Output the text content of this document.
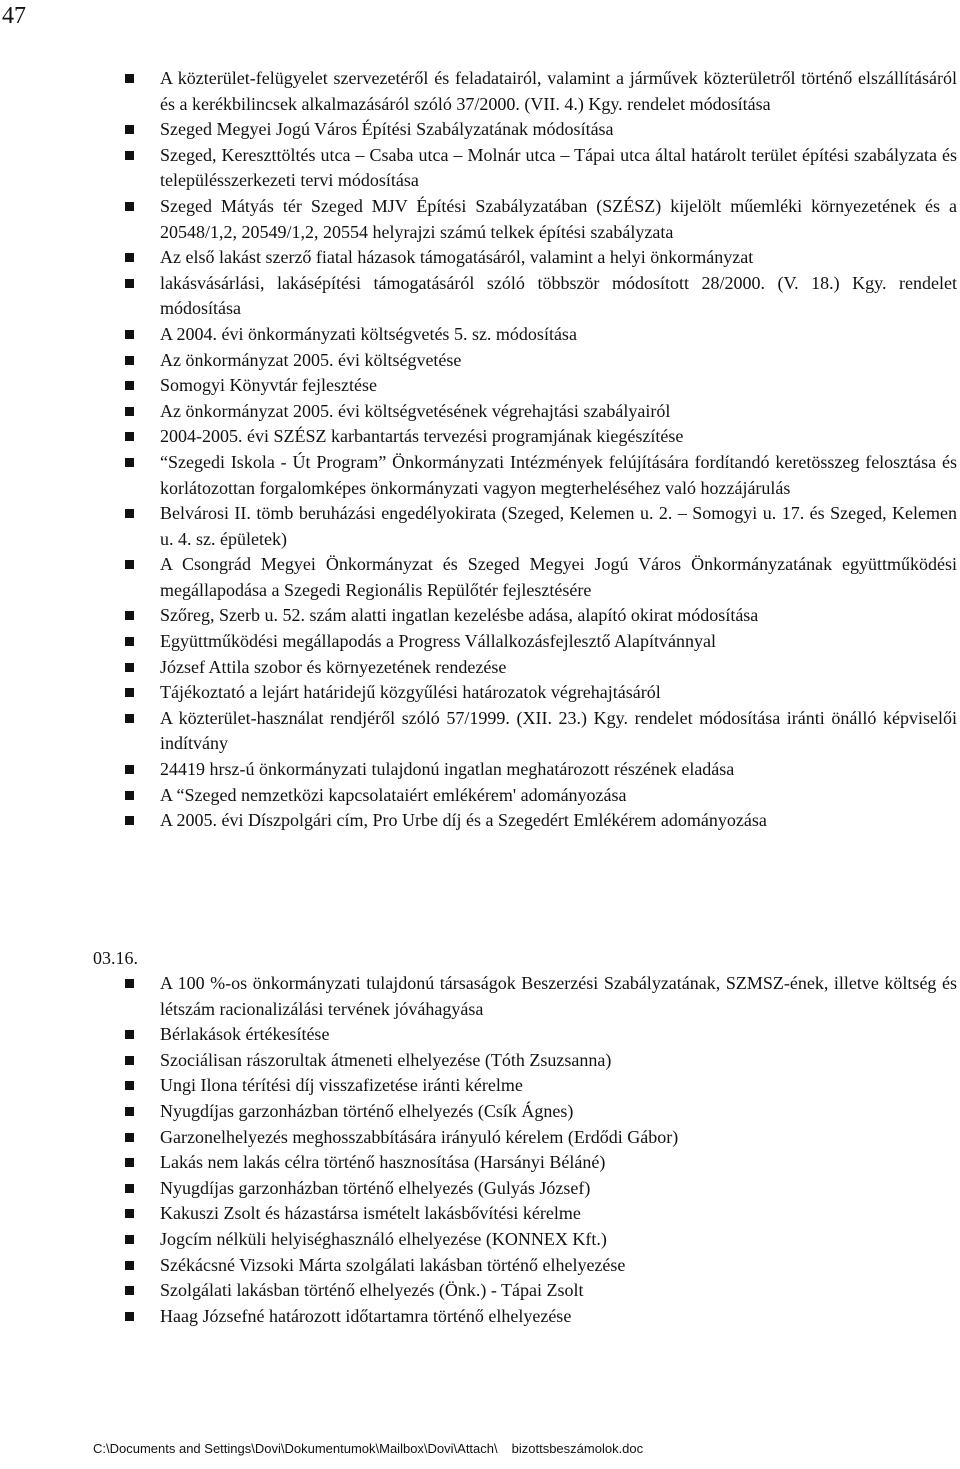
47
A közterület-felügyelet szervezetéről és feladatairól, valamint a járművek közterületről történő elszállításáról és a kerékbilincsek alkalmazásáról szóló 37/2000. (VII. 4.) Kgy. rendelet módosítása
Szeged Megyei Jogú Város Építési Szabályzatának módosítása
Szeged, Kereszttöltés utca – Csaba utca – Molnár utca – Tápai utca által határolt terület építési szabályzata és településszerkezeti tervi módosítása
Szeged Mátyás tér Szeged MJV Építési Szabályzatában (SZÉSZ) kijelölt műemléki környezetének és a 20548/1,2, 20549/1,2, 20554 helyrajzi számú telkek építési szabályzata
Az első lakást szerző fiatal házasok támogatásáról, valamint a helyi önkormányzat
lakásvásárlási, lakásépítési támogatásáról szóló többször módosított 28/2000. (V. 18.) Kgy. rendelet módosítása
A 2004. évi önkormányzati költségvetés 5. sz. módosítása
Az önkormányzat 2005. évi költségvetése
Somogyi Könyvtár fejlesztése
Az önkormányzat 2005. évi költségvetésének végrehajtási szabályairól
2004-2005. évi SZÉSZ karbantartás tervezési programjának kiegészítése
“Szegedi Iskola - Út Program” Önkormányzati Intézmények felújítására fordítandó keretösszeg felosztása és korlátozottan forgalomképes önkormányzati vagyon megterheléséhez való hozzájárulás
Belvárosi II. tömb beruházási engedélyokirata (Szeged, Kelemen u. 2. – Somogyi u. 17. és Szeged, Kelemen u. 4. sz. épületek)
A Csongrád Megyei Önkormányzat és Szeged Megyei Jogú Város Önkormányzatának együttműködési megállapodása a Szegedi Regionális Repülőtér fejlesztésére
Szőreg, Szerb u. 52. szám alatti ingatlan kezelésbe adása, alapító okirat módosítása
Együttműködési megállapodás a Progress Vállalkozásfejlesztő Alapítvánnyal
József Attila szobor és környezetének rendezése
Tájékoztató a lejárt határidejű közgyűlési határozatok végrehajtásáról
A közterület-használat rendjéről szóló 57/1999. (XII. 23.) Kgy. rendelet módosítása iránti önálló képviselői indítvány
24419 hrsz-ú önkormányzati tulajdonú ingatlan meghatározott részének eladása
A “Szeged nemzetközi kapcsolataiért emlékérem' adományozása
A 2005. évi Díszpolgári cím, Pro Urbe díj és a Szegedért Emlékérem adományozása
03.16.
A 100 %-os önkormányzati tulajdonú társaságok Beszerzési Szabályzatának, SZMSZ-ének, illetve költség és létszám racionalizálási tervének jóváhagyása
Bérlakások értékesítése
Szociálisan rászorultak átmeneti elhelyezése (Tóth Zsuzsanna)
Ungi Ilona térítési díj visszafizetése iránti kérelme
Nyugdíjas garzonházban történő elhelyezés (Csík Ágnes)
Garzonelhelyezés meghosszabbítására irányuló kérelem (Erdődi Gábor)
Lakás nem lakás célra történő hasznosítása (Harsányi Béláné)
Nyugdíjas garzonházban történő elhelyezés (Gulyás József)
Kakuszi Zsolt és házastársa ismételt lakásbővítési kérelme
Jogcím nélküli helyiséghasználó elhelyezése (KONNEX Kft.)
Székácsné Vizsoki Márta szolgálati lakásban történő elhelyezése
Szolgálati lakásban történő elhelyezés (Önk.) - Tápai Zsolt
Haag Józsefné határozott időtartamra történő elhelyezése
C:\Documents and Settings\Dovi\Dokumentumok\Mailbox\Dovi\Attach\ bizottsbeszámolok.doc
